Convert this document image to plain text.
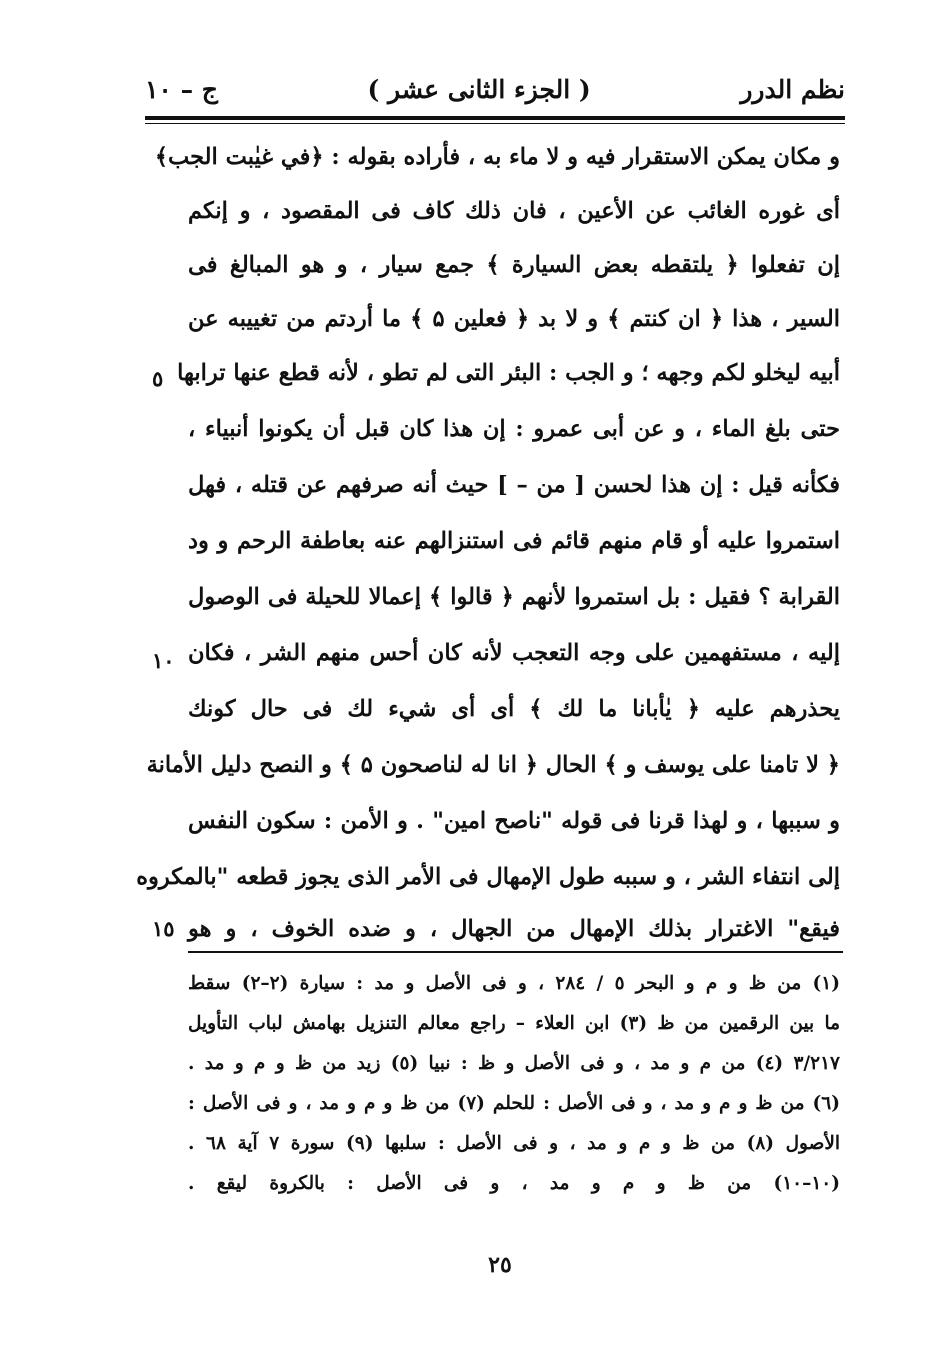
نظم الدرر
( الجزء الثانى عشر )
ج – ١٠
و مكان يمكن الاستقرار فيه و لا ماء به ، فأراده بقوله : ﴿في غيٰبت الجب﴾
أى غوره الغائب عن الأعين ، فان ذلك كاف فى المقصود ، و إنكم
إن تفعلوا ﴿ يلتقطه بعض السيارة ﴾ جمع سيار ، و هو المبالغ فى
السير ، هذا ﴿ ان كنتم ﴾ و لا بد ﴿ فعلين ۵ ﴾ ما أردتم من تغييبه عن
أبيه ليخلو لكم وجهه ؛ و الجب : البئر التى لم تطو ، لأنه قطع عنها ترابها
حتى بلغ الماء ، و عن أبى عمرو : إن هذا كان قبل أن يكونوا أنبياء ،
فكأنه قيل : إن هذا لحسن [ من – ] حيث أنه صرفهم عن قتله ، فهل
استمروا عليه أو قام منهم قائم فى استنزالهم عنه بعاطفة الرحم و ود
القرابة ؟ فقيل : بل استمروا لأنهم ﴿ قالوا ﴾ إعمالا للحيلة فى الوصول
إليه ، مستفهمين على وجه التعجب لأنه كان أحس منهم الشر ، فكان
يحذرهم عليه ﴿ يٰأبانا ما لك ﴾ أى أى شيء لك فى حال كونك
﴿ لا تامنا على يوسف و ﴾ الحال ﴿ انا له لناصحون ۵ ﴾ و النصح دليل الأمانة
و سببها ، و لهذا قرنا فى قوله "ناصح امين" . و الأمن : سكون النفس
إلى انتفاء الشر ، و سببه طول الإمهال فى الأمر الذى يجوز قطعه "بالمكروه
فيقع" الاغترار بذلك الإمهال من الجهال ، و ضده الخوف ، و هو
٥
١٠
١٥
(١) من ظ و م و البحر ٥ / ٢٨٤ ، و فى الأصل و مد : سيارة (٢–٢) سقط
ما بين الرقمين من ظ (٣) ابن العلاء – راجع معالم التنزيل بهامش لباب التأويل
٣/٢١٧ (٤) من م و مد ، و فى الأصل و ظ : نبيا (٥) زيد من ظ و م و مد .
(٦) من ظ و م و مد ، و فى الأصل : للحلم (٧) من ظ و م و مد ، و فى الأصل :
الأصول (٨) من ظ و م و مد ، و فى الأصل : سلبها (٩) سورة ٧ آية ٦٨ .
(١٠–١٠) من ظ و م و مد ، و فى الأصل : بالكروة ليقع .
٢٥
